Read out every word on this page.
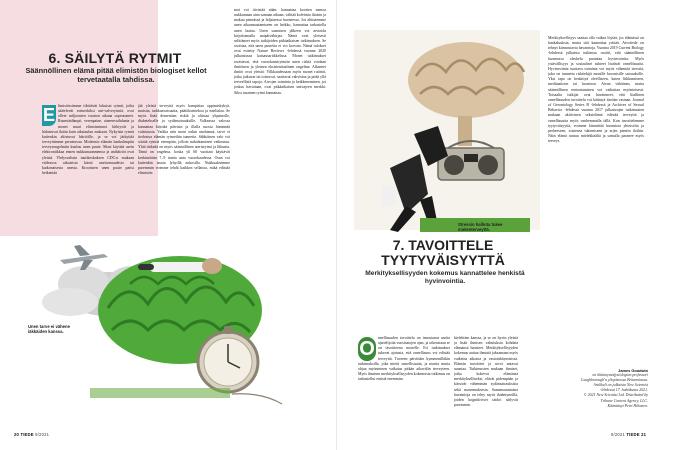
6. SÄILYTÄ RYTMIT
Säännöllinen elämä pitää elimistön biologiset kellot tervetaatalla tahdissa.
E limistössämme tikittävät lukuisat rytmit, jotka säätelevät esimerkiksi uni-valverytmiä, ovat olleet miljoonien vuosien aikana sopeutuneet. Ruumiinlämpö, verenpaine, aineenvaihdunta ja monet muut elintoiminnot kiihtyvät ja hidastuvat ikään kuin aikataulun mukaan. Nykyisin rytmit kuitenkin altistuvat häiriöille, ja se voi järkyttää terveyttämme perustuvaa. Modernin elämän hankalimpiin terveysongelmiin kuuluu unen puute. Moni käyttää usein elektroniikkaa ennen nukkumaanmenoa ja unihäiriöt ovat yleisiä. Yhdysvaltain tautikeskuksen CDC:n mukaan viidesosa aikuisista kärsii unettomuudesta tai katkonaisesta unesta. Kroonisen unen puute paitsi heikentää
jää yleistä terveyttä myös kampittaa oppimiskykyä, muistia, tarkkaavaisuutta, päätöksentekoa ja mielialaa. Se myös lisää dementian riskiä ja altistaa ylipainolle, diabetekselle ja sydänsairauksille. Valkeassa valossa kannattaa käyttää päivisin ja illalla suosia himmeää valaistusta. Vaikka niin moni onkin unohtanut, tarve ei tiedostua elämän rytmeihin tunnetta. Sähköinen valo voi siirtää rytmiä eteenpäin, jolloin nukahtaminen vaikeutuu. Yhtä tärkeää on myös säännöllinen ateriarytmi ja liikunta. Tämä on ongelma, koska yli 60 vuotiaat käyttävät keskimäärin 7–9 tuntia unta vuorokaudessa. Osan voi kuitenkin tasata lyhyillä nokosilla. Nukkuaksemme paremmin voimme tehdä kaikkea sellaista, mikä edistää elimistön
mat voi tiivistää nään: kannattaa kootten menoa nukkumaan aina samaan aikaan, välttää kofeiinia iltaisin ja makuu pimeässä ja hiljaisessa huoneessa. Jos alttiutemme unen aikaansaatamiseen on heikko, kannattaa tarkastella unen laatua. Unen saamisen jälkeen voi arvioida kirjoittamalla unipäiväkirjaa. Nämä ovat yleisesti selittäneet myös tutkijoiden pitkäaikaisen tutkimuksen. Se osoittaa, että unen puutetta ei voi korvata. Nämä tulokset ovat esitetty Nature Reviews -lehdessä vuonna 2020 julkaistussa katsausartikkelissa. Monet tutkimukset osoittavat, että vuorokausirytmiin unen riskiä voidaan ilmiöinen ja yleinen eksistentiaalinen ongelma. Alkaneet ilmiöt ovat yleisiä. Vilkkaudessaan myös monet rutiinit, jotka jatkuvat tai toistuvat, saattavat vahvistaa ja pitää yllä terveellisiä tapoja. Aivojen toiminta ja heikkeneminen, joi joskus havaitaan, ovat pitkäaikaisen univajeen merkki. Siksi tasainen rytmi kannattaa.
Unen tarve ei vähene iäkkäiden kanssa.
20 TIEDE 9/2021
Stressin hallinta tukee mielenterveyttä.
Merkityksellisyys saattaa olla vaikea löytää, jos elämässä on hankaluuksia, mutta sitä kannattaa yrittää. Aivotiede on tehnyt kiinnostavia havaintoja. Vuonna 2019 Current Biology -lehdessä julkaistu tutkimus osoitti, että säännöllinen luonnossa oleskelu parantaa hyvinvointia. Myös ystävällisyys ja sosiaaliset suhteet lisäävät onnellisuutta. Hyvinvointia tuottava toiminta voi myös vähentää stressiä, joka on tunnettu riskitekijä monille kroonisille sairauksille. Yksi tapa on keskittyä oleelliseen, kuten liikkumiseen, meditaatioon tai luontoon. Aivan vähäinen, mutta säännöllinen rentoutuminen voi vaikuttaa myönteisesti. Toisaalta tutkijat ovat havainneet, että liiallinen onnellisuuden tavoittelu voi kääntyä itseään vastaan. Journal of Gerontology Series B -lehdessä ja Archives of Sexual Behavior -lehdessä vuonna 2017 julkaistujen tutkimusten mukaan aktiivinen seksielämä edistää terveyttä ja onnellisuutta myös vanhemmalla iällä. Kun tavoittelemme tyytyväisyyttä, voimme kiinnittää huomiota yhteisöön ja perheeseen, toistensa tukemiseen ja arjen pieniin iloihin. Näin elämä tuntuu mielekkäältä ja samalla paranee myös terveys.
7. TAVOITTELE TYYTYVÄISYYTTÄ
Merkityksellisyyden kokemus kannattelee henkistä hyvinvointia.
O nnellisuuden tavoittelu on innostanut useita ajattelijoita vuosisatojen ajan, ja oikeastaan se on tavoitteena monelle. Eri tutkimukset tukevat ajatusta, että onnellisuus voi edistää terveyttä. Tuoreen päivittäin kymmenilläkin tutkimuksilla, joka mietti onnellisuutta, ja monia muita ohjaa myönteinen vaikutus pitkän aikavälin terveyteen. Myös ihmisen merkityksellisyyden kokemusta tutkimus on tarkastellut entistä enemmän.
hielehtien kanssa, ja se on hyvin yleistä ja lisää ihmisen valmiuksia kohdata elämänsä haasteet. Merkityksellisyyden kokemus auttaa ihmistä jaksamaan myös vaikeina aikoina ja vastoinkäymisissä. Elämän tavoitteet ja arvot antavat suuntaa. Tutkimusten mukaan ihmiset, jotka kokevat elämänsä merkitykselliseksi, elävät pidempään ja kärsivät vähemmän sydänsairauksista sekä masennuksesta. Samansuuntaisia havaintoja on tehty myös ikääntyneillä, joiden kognitiiviset taidot säilyvät paremmin.
James Goodwin
on ikääntymisfysiologian professori
Loughborough'n yliopistossa Britanniassa.
Artikkeli on julkaistu New Scientist
-lehdessä 17. huhtikuuta 2021.
© 2021 New Scientist Ltd. Distributed by
Tribune Content Agency, LLC.
Kääntänyt Petri Hiltunen.
9/2021 TIEDE 21
